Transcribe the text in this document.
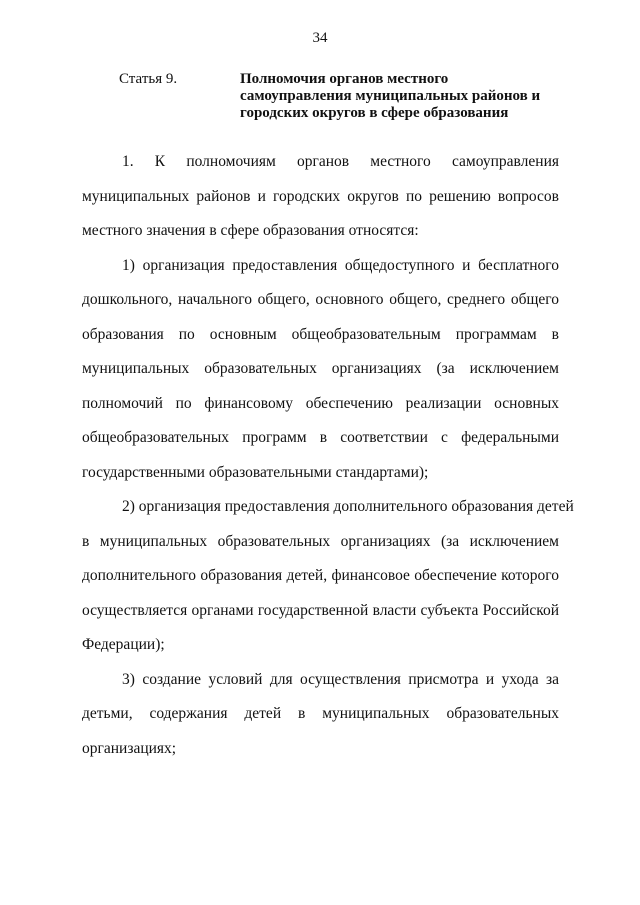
34
Статья 9.	Полномочия органов местного
самоуправления муниципальных районов и
городских округов в сфере образования
1. К полномочиям органов местного самоуправления
муниципальных районов и городских округов по решению вопросов
местного значения в сфере образования относятся:
1) организация предоставления общедоступного и бесплатного
дошкольного, начального общего, основного общего, среднего общего
образования по основным общеобразовательным программам в
муниципальных образовательных организациях (за исключением
полномочий по финансовому обеспечению реализации основных
общеобразовательных программ в соответствии с федеральными
государственными образовательными стандартами);
2) организация предоставления дополнительного образования детей
в муниципальных образовательных организациях (за исключением
дополнительного образования детей, финансовое обеспечение которого
осуществляется органами государственной власти субъекта Российской
Федерации);
3) создание условий для осуществления присмотра и ухода за
детьми, содержания детей в муниципальных образовательных
организациях;
